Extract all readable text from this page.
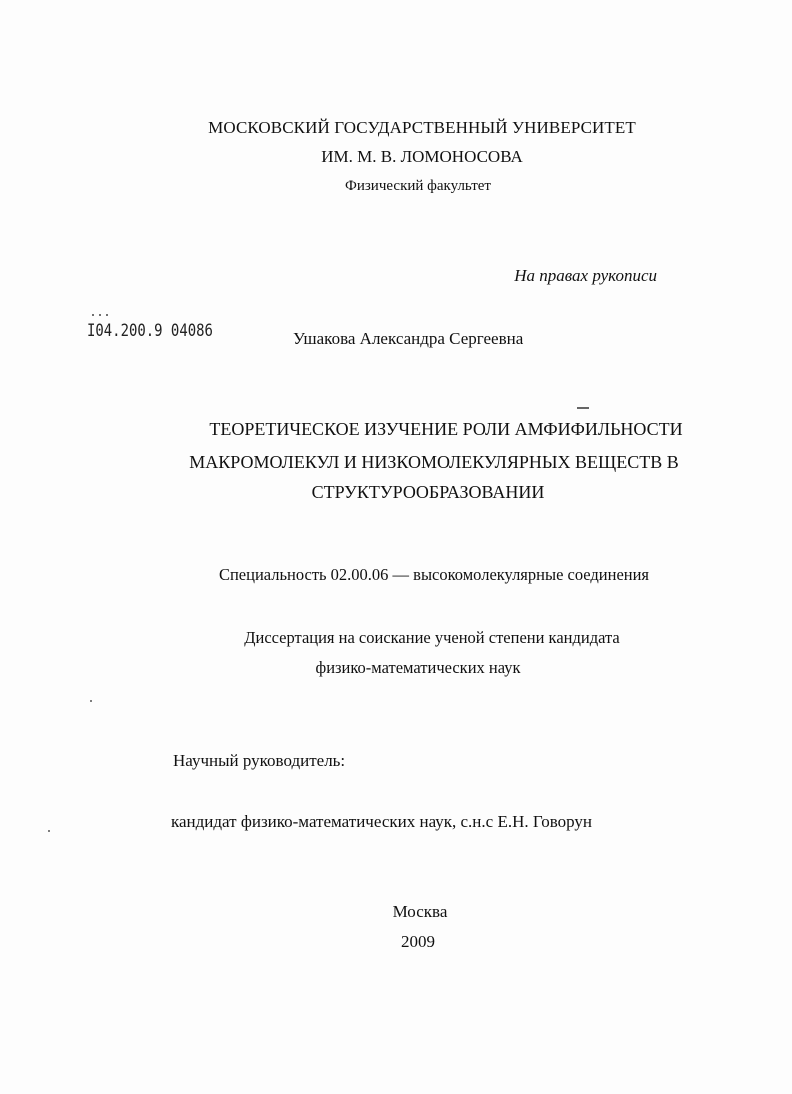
МОСКОВСКИЙ ГОСУДАРСТВЕННЫЙ УНИВЕРСИТЕТ
ИМ. М. В. ЛОМОНОСОВА
Физический факультет
На правах рукописи
I04.200.9 04086	Ушакова Александра Сергеевна
ТЕОРЕТИЧЕСКОЕ ИЗУЧЕНИЕ РОЛИ АМФИФИЛЬНОСТИ
МАКРОМОЛЕКУЛ И НИЗКОМОЛЕКУЛЯРНЫХ ВЕЩЕСТВ В
СТРУКТУРООБРАЗОВАНИИ
Специальность 02.00.06 — высокомолекулярные соединения
Диссертация на соискание ученой степени кандидата
физико-математических наук
Научный руководитель:
кандидат физико-математических наук, с.н.с Е.Н. Говорун
Москва
2009
